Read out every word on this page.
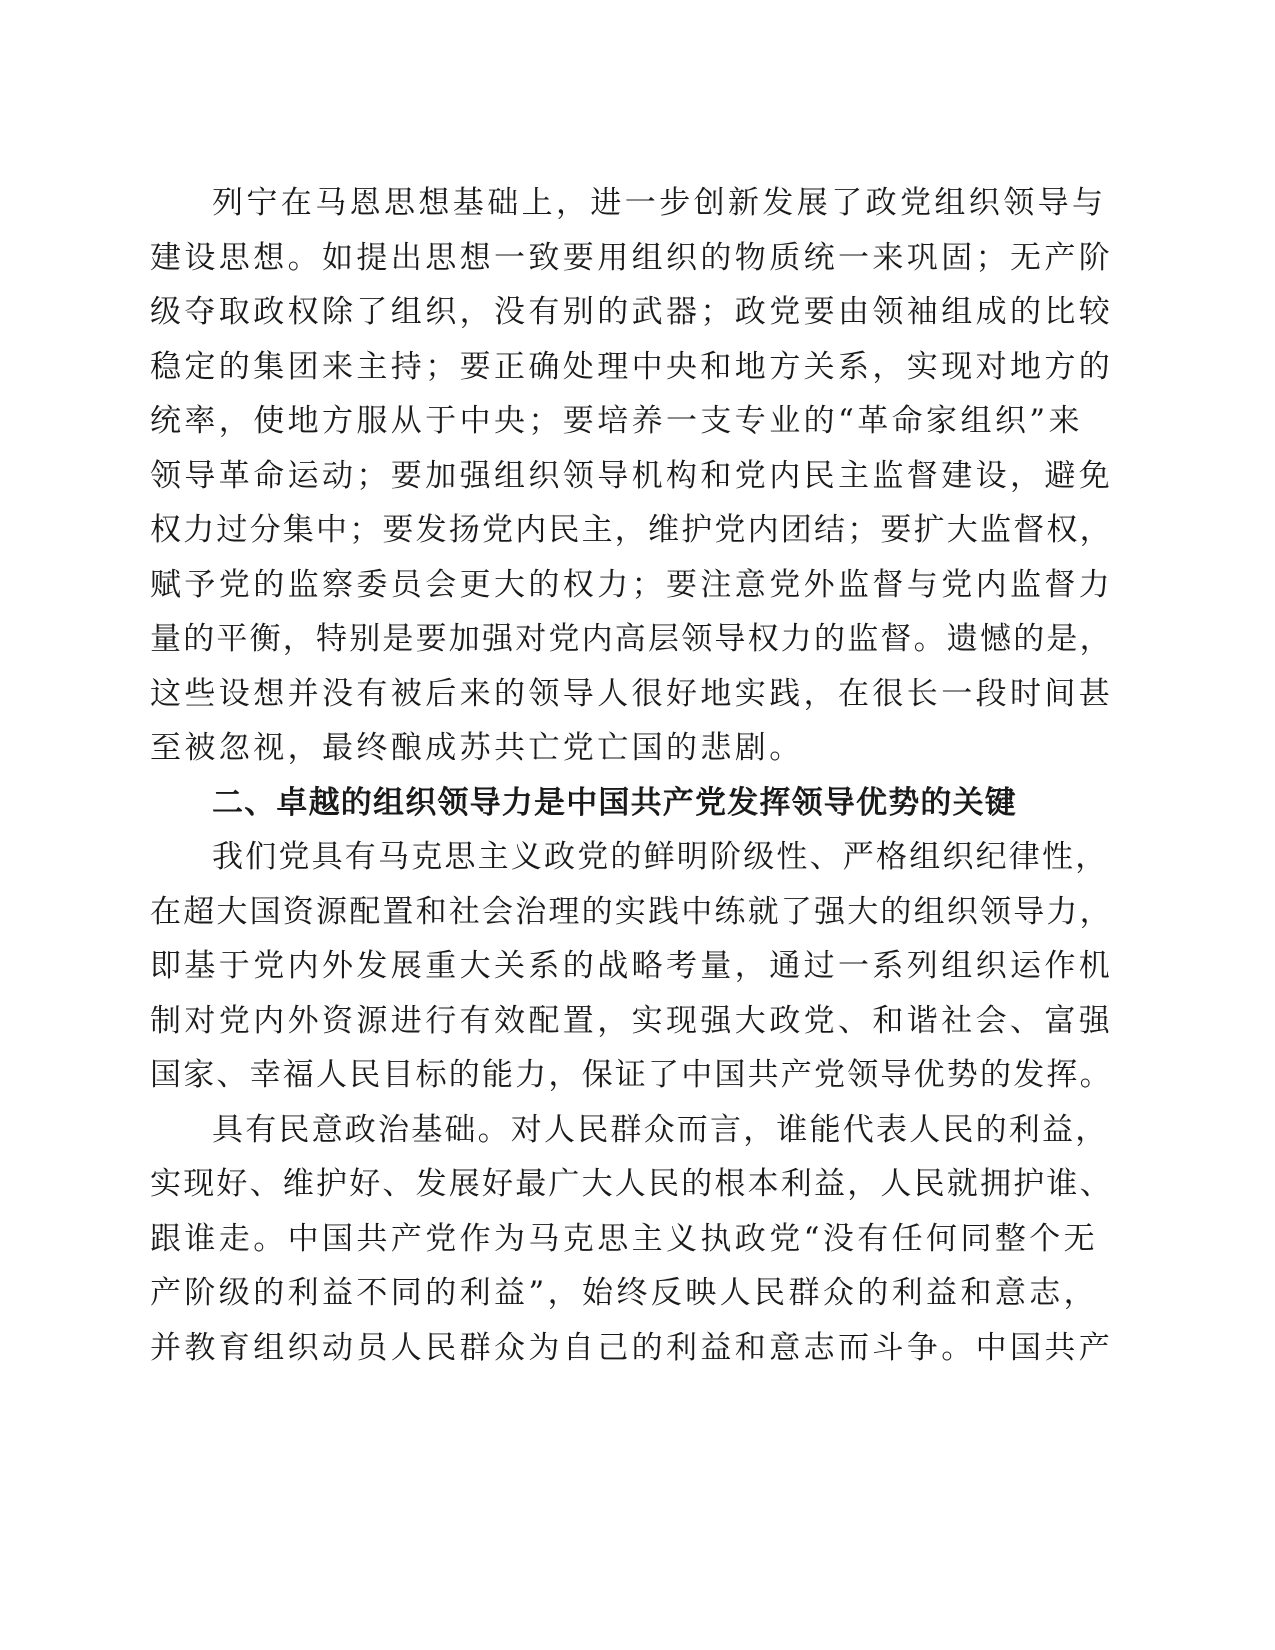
列宁在马恩思想基础上，进一步创新发展了政党组织领导与
建设思想。如提出思想一致要用组织的物质统一来巩固；无产阶
级夺取政权除了组织，没有别的武器；政党要由领袖组成的比较
稳定的集团来主持；要正确处理中央和地方关系，实现对地方的
统率，使地方服从于中央；要培养一支专业的“革命家组织”来
领导革命运动；要加强组织领导机构和党内民主监督建设，避免
权力过分集中；要发扬党内民主，维护党内团结；要扩大监督权，
赋予党的监察委员会更大的权力；要注意党外监督与党内监督力
量的平衡，特别是要加强对党内高层领导权力的监督。遗憾的是，
这些设想并没有被后来的领导人很好地实践，在很长一段时间甚
至被忽视，最终酿成苏共亡党亡国的悲剧。
二、卓越的组织领导力是中国共产党发挥领导优势的关键
我们党具有马克思主义政党的鲜明阶级性、严格组织纪律性，
在超大国资源配置和社会治理的实践中练就了强大的组织领导力，
即基于党内外发展重大关系的战略考量，通过一系列组织运作机
制对党内外资源进行有效配置，实现强大政党、和谐社会、富强
国家、幸福人民目标的能力，保证了中国共产党领导优势的发挥。
具有民意政治基础。对人民群众而言，谁能代表人民的利益，
实现好、维护好、发展好最广大人民的根本利益，人民就拥护谁、
跟谁走。中国共产党作为马克思主义执政党“没有任何同整个无
产阶级的利益不同的利益”，始终反映人民群众的利益和意志，
并教育组织动员人民群众为自己的利益和意志而斗争。中国共产
